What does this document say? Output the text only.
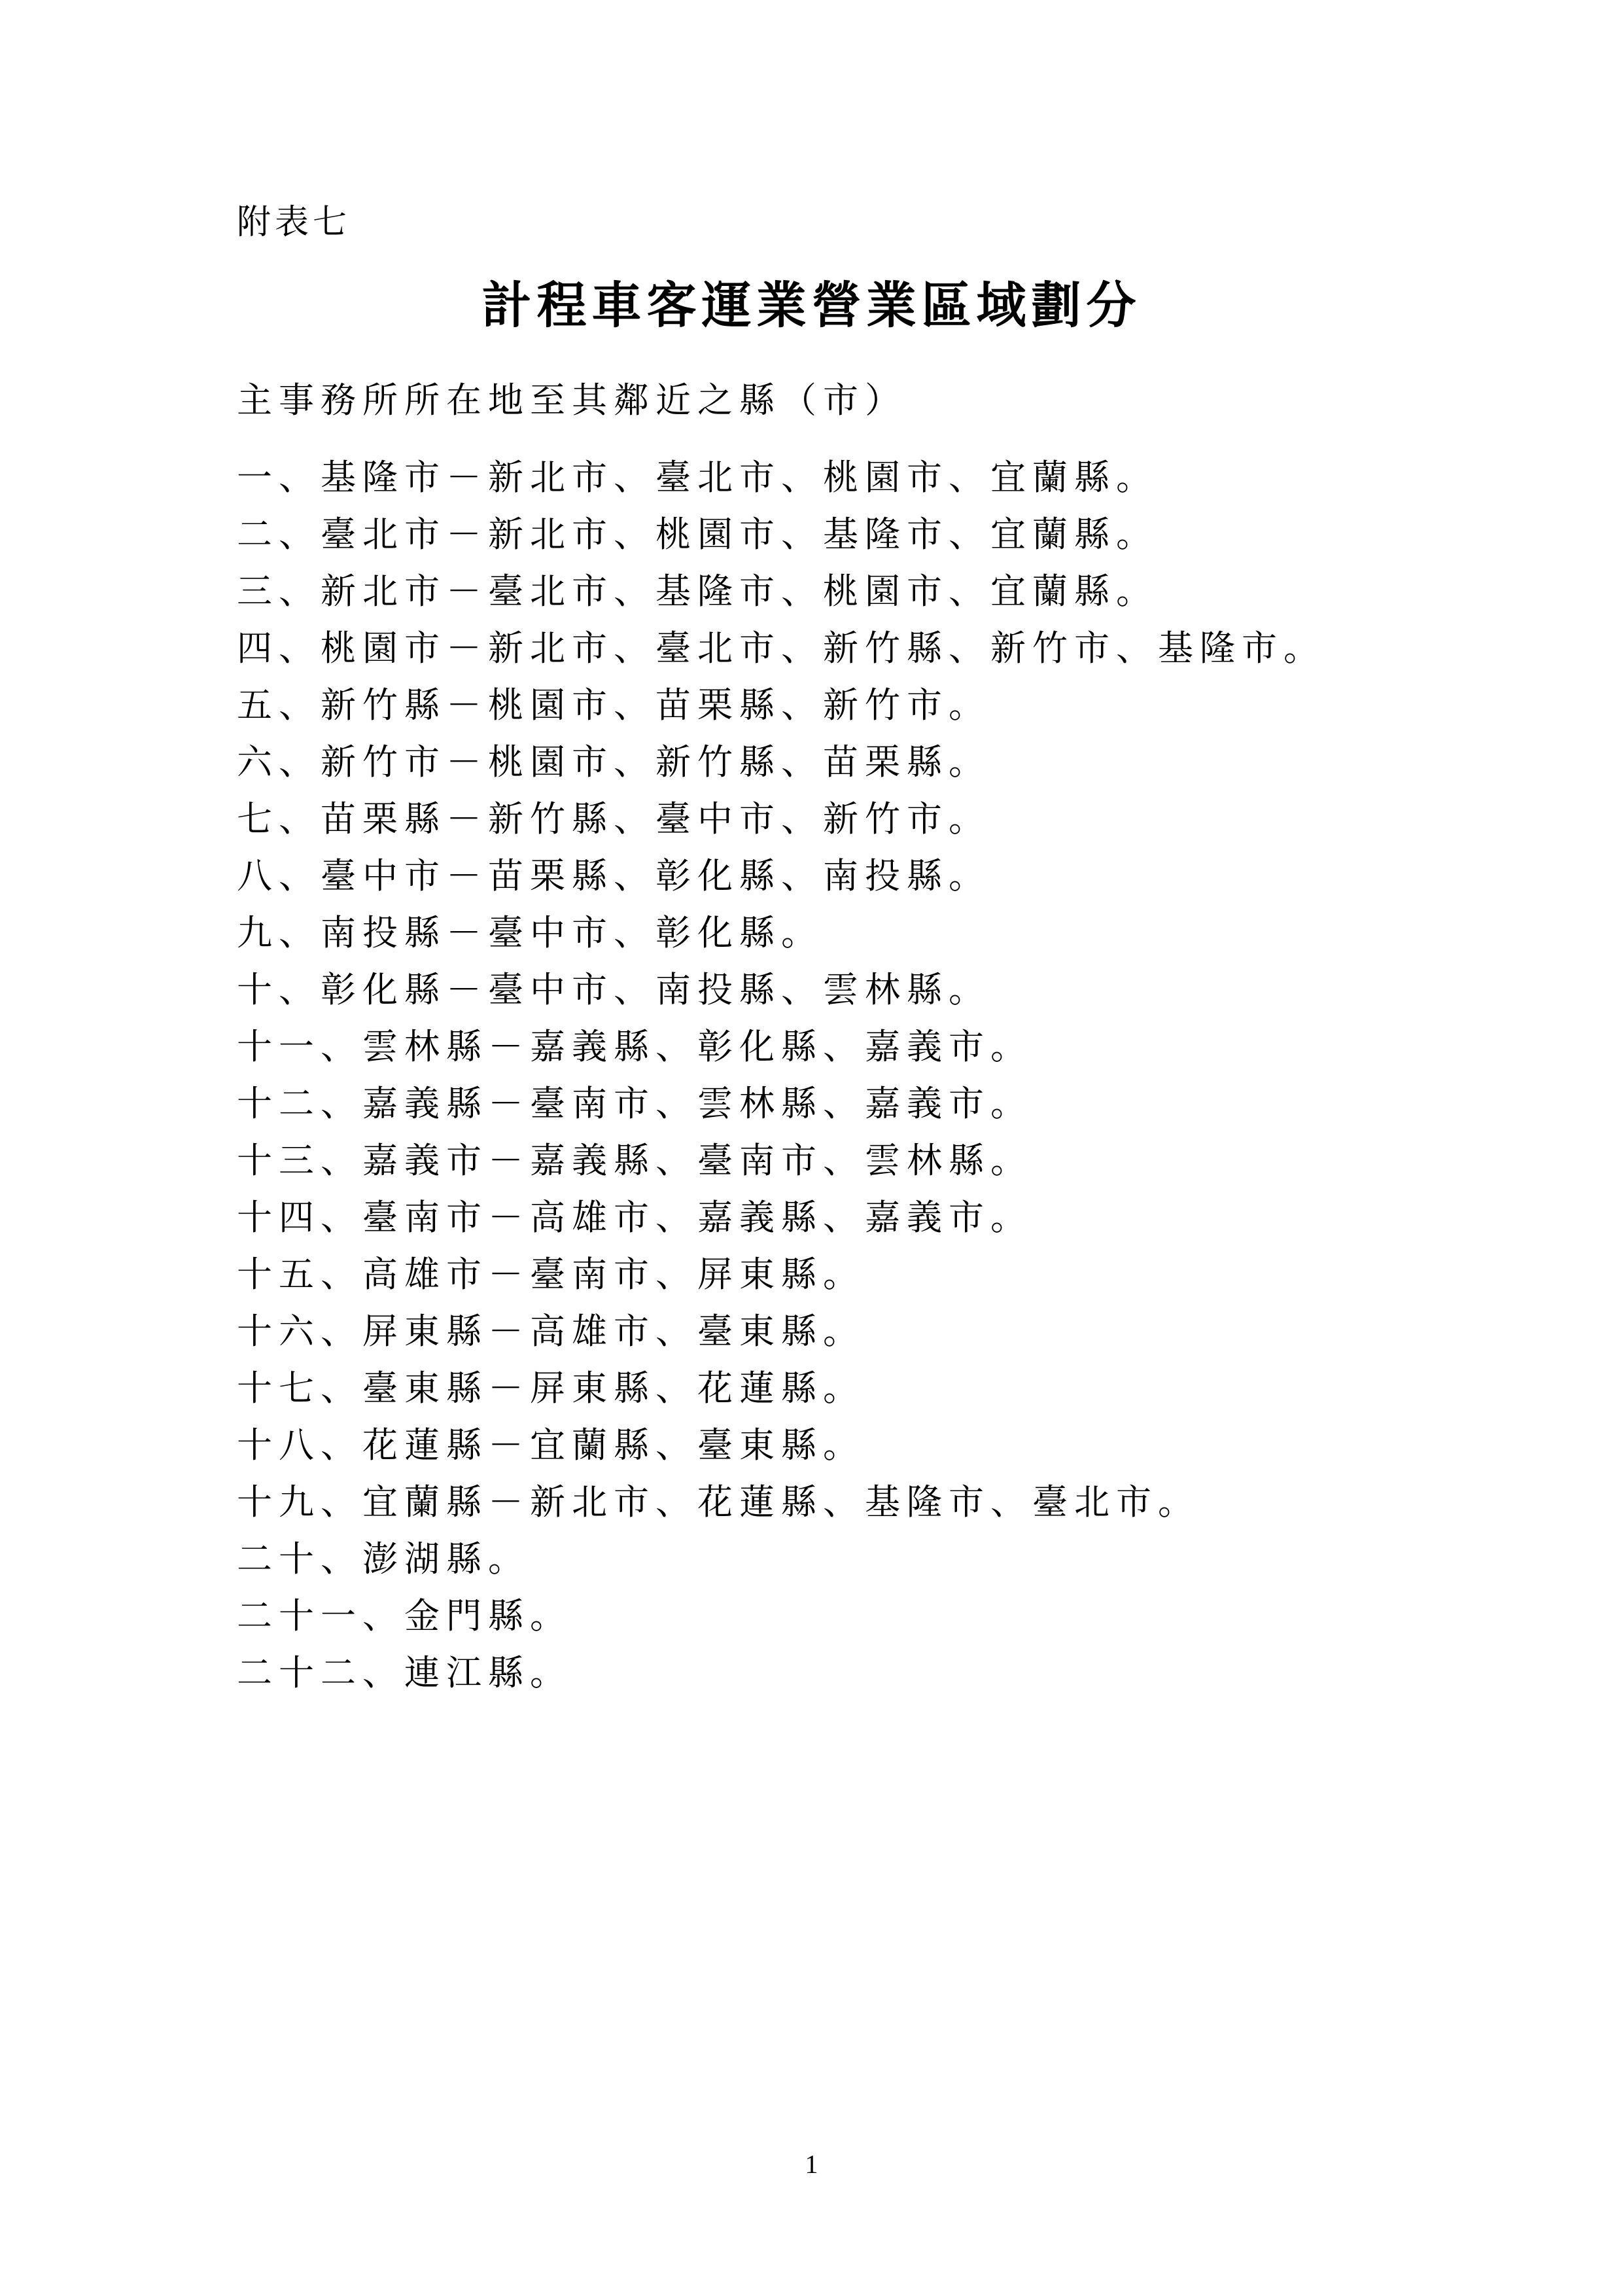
附表七
計程車客運業營業區域劃分
主事務所所在地至其鄰近之縣（市）
一、基隆市－新北市、臺北市、桃園市、宜蘭縣。
二、臺北市－新北市、桃園市、基隆市、宜蘭縣。
三、新北市－臺北市、基隆市、桃園市、宜蘭縣。
四、桃園市－新北市、臺北市、新竹縣、新竹市、基隆市。
五、新竹縣－桃園市、苗栗縣、新竹市。
六、新竹市－桃園市、新竹縣、苗栗縣。
七、苗栗縣－新竹縣、臺中市、新竹市。
八、臺中市－苗栗縣、彰化縣、南投縣。
九、南投縣－臺中市、彰化縣。
十、彰化縣－臺中市、南投縣、雲林縣。
十一、雲林縣－嘉義縣、彰化縣、嘉義市。
十二、嘉義縣－臺南市、雲林縣、嘉義市。
十三、嘉義市－嘉義縣、臺南市、雲林縣。
十四、臺南市－高雄市、嘉義縣、嘉義市。
十五、高雄市－臺南市、屏東縣。
十六、屏東縣－高雄市、臺東縣。
十七、臺東縣－屏東縣、花蓮縣。
十八、花蓮縣－宜蘭縣、臺東縣。
十九、宜蘭縣－新北市、花蓮縣、基隆市、臺北市。
二十、澎湖縣。
二十一、金門縣。
二十二、連江縣。
1
